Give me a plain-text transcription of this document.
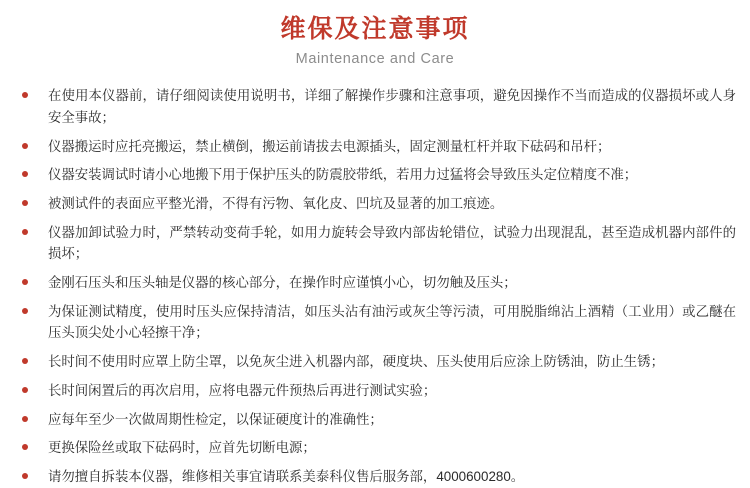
维保及注意事项
Maintenance and Care
在使用本仪器前，请仔细阅读使用说明书，详细了解操作步骤和注意事项，避免因操作不当而造成的仪器损坏或人身安全事故；
仪器搬运时应托亮搬运，禁止横倒，搬运前请拔去电源插头，固定测量杠杆并取下砝码和吊杆；
仪器安装调试时请小心地搬下用于保护压头的防震胶带纸，若用力过猛将会导致压头定位精度不准；
被测试件的表面应平整光滑，不得有污物、氧化皮、凹坑及显著的加工痕迹。
仪器加卸试验力时，严禁转动变荷手轮，如用力旋转会导致内部齿轮错位，试验力出现混乱，甚至造成机器内部件的损坏；
金刚石压头和压头轴是仪器的核心部分，在操作时应谨慎小心，切勿触及压头；
为保证测试精度，使用时压头应保持清洁，如压头沾有油污或灰尘等污渍，可用脱脂绵沾上酒精（工业用）或乙醚在压头顶尖处小心轻擦干净；
长时间不使用时应罩上防尘罩，以免灰尘进入机器内部，硬度块、压头使用后应涂上防锈油，防止生锈；
长时间闲置后的再次启用，应将电器元件预热后再进行测试实验；
应每年至少一次做周期性检定，以保证硬度计的准确性；
更换保险丝或取下砝码时，应首先切断电源；
请勿擅自拆装本仪器，维修相关事宜请联系美泰科仪售后服务部，4000600280。
